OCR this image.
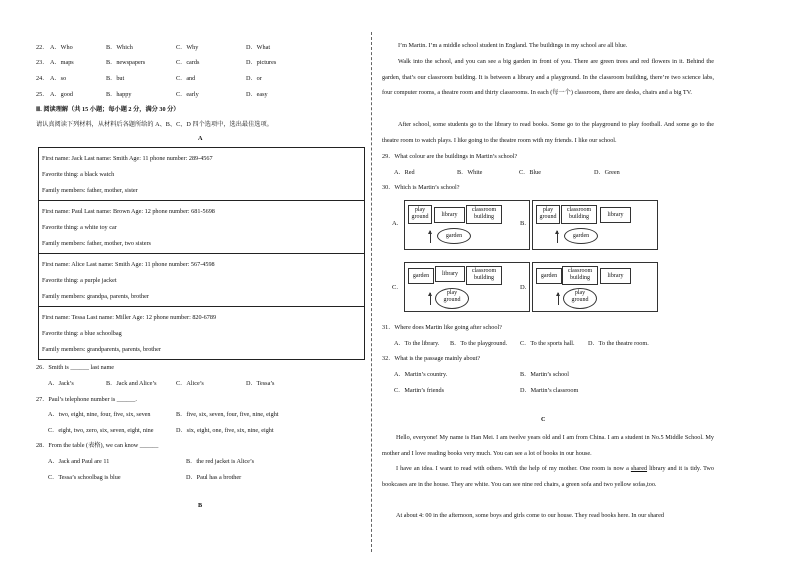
22． A．Who	B．Which	C．Why	D．What
23． A．maps	B．newspapers	C．cards	D．pictures
24． A．so	B．but	C．and	D．or
25． A．good	B．happy	C．early	D．easy
Ⅲ. 阅读理解（共 15 小题；每小题 2 分，满分 30 分）
请认真阅读下列材料，从材料后各题所给的 A、B、C、D 四个选项中，选出最佳选项。
A
First name: Jack Last name: Smith Age: 11 phone number: 289-4567
Favorite thing: a black watch
Family members: father, mother, sister
First name: Paul Last name: Brown Age: 12 phone number: 681-5698
Favorite thing: a white toy car
Family members: father, mother, two sisters
First name: Alice Last name: Smith Age: 11 phone number: 567-4598
Favorite thing: a purple jacket
Family members: grandpa, parents, brother
First name: Tessa Last name: Miller Age: 12 phone number: 820-6789
Favorite thing: a blue schoolbag
Family members: grandparents, parents, brother
26．Smith is ______ last name
A．Jack’s	B．Jack and Alice’s	C．Alice’s	D．Tessa’s
27．Paul’s telephone number is ______.
A．two, eight, nine, four, five, six, seven	B．five, six, seven, four, five, nine, eight
C．eight, two, zero, six, seven, eight, nine	D．six, eight, one, five, six, nine, eight
28．From the table (表格), we can know ______
A．Jack and Paul are 11	B．the red jacket is Alice’s
C．Tessa’s schoolbag is blue	D．Paul has a brother
B
I’m Martin. I’m a middle school student in England. The buildings in my school are all blue.
Walk into the school, and you can see a big garden in front of you. There are green trees and red flowers in it. Behind the garden, that’s our classroom building. It is between a library and a playground. In the classroom building, there’re two science labs, four computer rooms, a theatre room and thirty classrooms. In each (每一个) classroom, there are desks, chairs and a big TV.
After school, some students go to the library to read books. Some go to the playground to play football. And some go to the theatre room to watch plays. I like going to the theatre room with my friends. I like our school.
29．What colour are the buildings in Martin’s school?
A．Red	B．White	C．Blue	D．Green
30．Which is Martin’s school?
A.
play
ground	library
classroom
building
garden
B.
play
ground
classroom
building	library
garden
C.
garden	library	classroom
building
play
ground
D.
garden
classroom
building	library
play
ground
31．Where does Martin like going after school?
A．To the library. B．To the playground. C．To the sports hall. D．To the theatre room.
32．What is the passage mainly about?
A．Martin’s country.	B．Martin’s school
C．Martin’s friends	D．Martin’s classroom
C
Hello, everyone! My name is Han Mei. I am twelve years old and I am from China. I am a student in No.5 Middle School. My mother and I love reading books very much. You can see a lot of books in our house.
I have an idea. I want to read with others. With the help of my mother. One room is now a shared library and it is tidy. Two bookcases are in the house. They are white. You can see nine red chairs, a green sofa and two yellow sofas,too.
At about 4: 00 in the afternoon, some boys and girls come to our house. They read books here. In our shared
